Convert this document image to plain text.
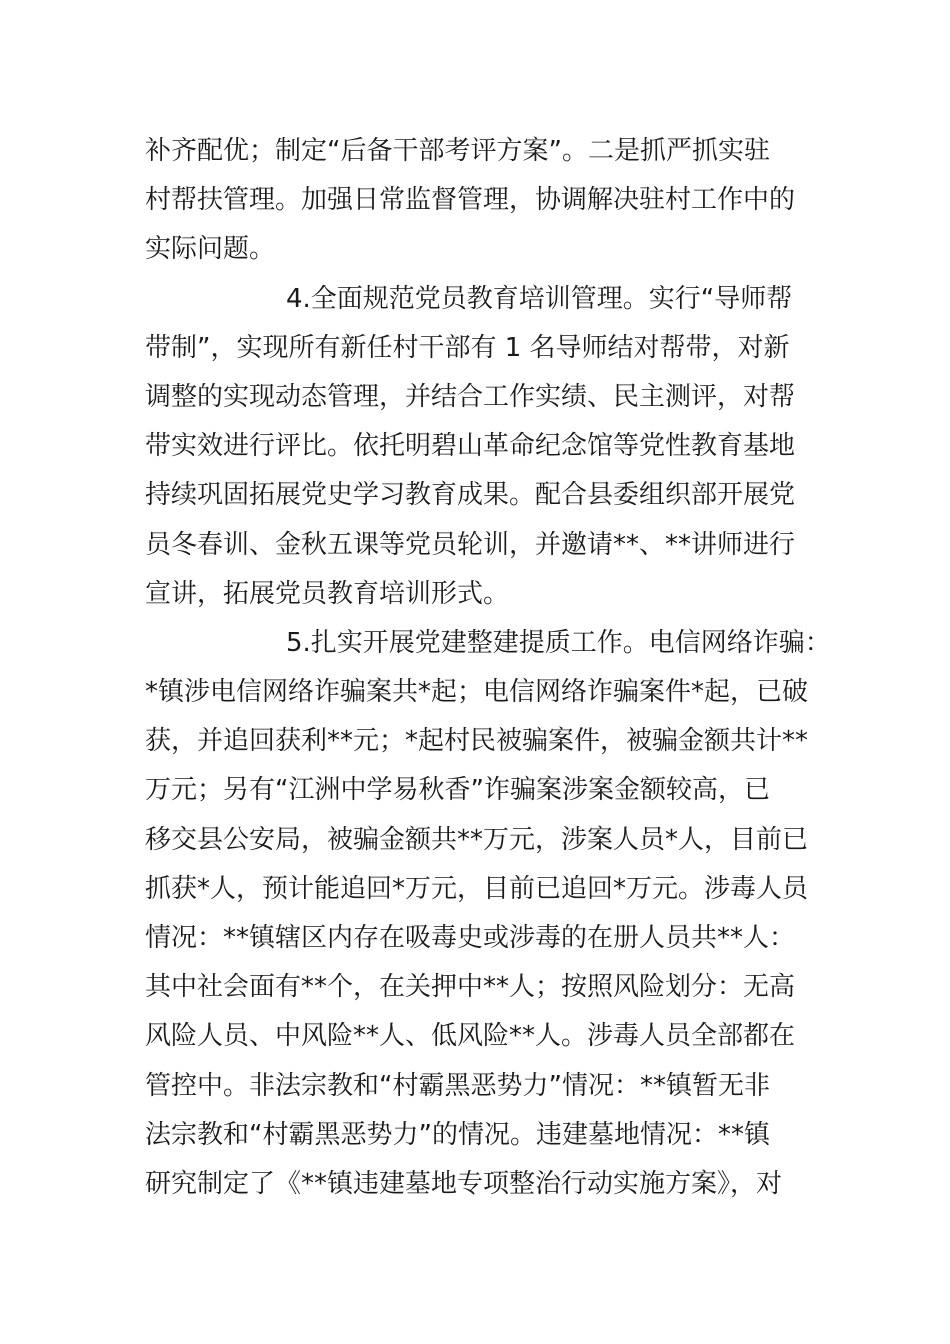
补齐配优；制定“后备干部考评方案”。二是抓严抓实驻
村帮扶管理。加强日常监督管理，协调解决驻村工作中的
实际问题。
4.全面规范党员教育培训管理。实行“导师帮
带制”，实现所有新任村干部有 1 名导师结对帮带，对新
调整的实现动态管理，并结合工作实绩、民主测评，对帮
带实效进行评比。依托明碧山革命纪念馆等党性教育基地
持续巩固拓展党史学习教育成果。配合县委组织部开展党
员冬春训、金秋五课等党员轮训，并邀请**、**讲师进行
宣讲，拓展党员教育培训形式。
5.扎实开展党建整建提质工作。电信网络诈骗：
*镇涉电信网络诈骗案共*起；电信网络诈骗案件*起，已破
获，并追回获利**元；*起村民被骗案件，被骗金额共计**
万元；另有“江洲中学易秋香”诈骗案涉案金额较高，已
移交县公安局，被骗金额共**万元，涉案人员*人，目前已
抓获*人，预计能追回*万元，目前已追回*万元。涉毒人员
情况：**镇辖区内存在吸毒史或涉毒的在册人员共**人：
其中社会面有**个，在关押中**人；按照风险划分：无高
风险人员、中风险**人、低风险**人。涉毒人员全部都在
管控中。非法宗教和“村霸黑恶势力”情况：**镇暂无非
法宗教和“村霸黑恶势力”的情况。违建墓地情况：**镇
研究制定了《**镇违建墓地专项整治行动实施方案》，对
